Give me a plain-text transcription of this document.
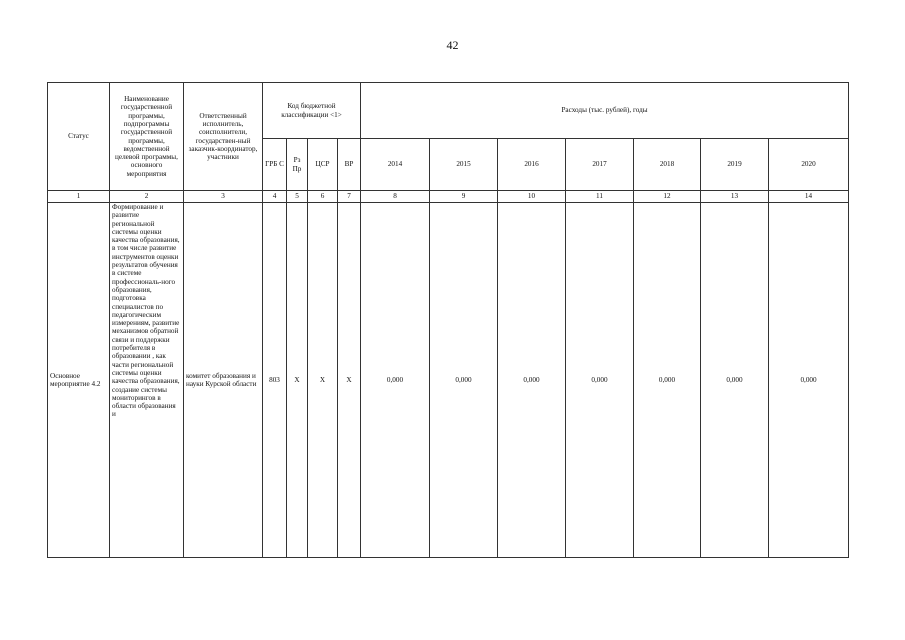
42
Статус	Наименование государственной программы, подпрограммы государственной программы, ведомственной целевой программы, основного мероприятия	Ответственный исполнитель, соисполнители, государствен-ный заказчик-координатор, участники	Код бюджетной классификации <1>				Расходы (тыс. рублей), годы						
			ГРБ С	Рз Пр	ЦСР	ВР	2014	2015	2016	2017	2018	2019	2020
1	2	3	4	5	6	7	8	9	10	11	12	13	14
Основное мероприятие 4.2	Формирование и развитие региональной системы оценки качества образования, в том числе развитие инструментов оценки результатов обучения в системе профессиональ-ного образования, подготовка специалистов по педагогическим измерениям, развитие механизмов обратной связи и поддержки потребителя в образовании , как части региональной системы оценки качества образования, создание системы мониторингов в области образования и	комитет образования и науки Курской области	803	X	X	X	0,000	0,000	0,000	0,000	0,000	0,000	0,000
